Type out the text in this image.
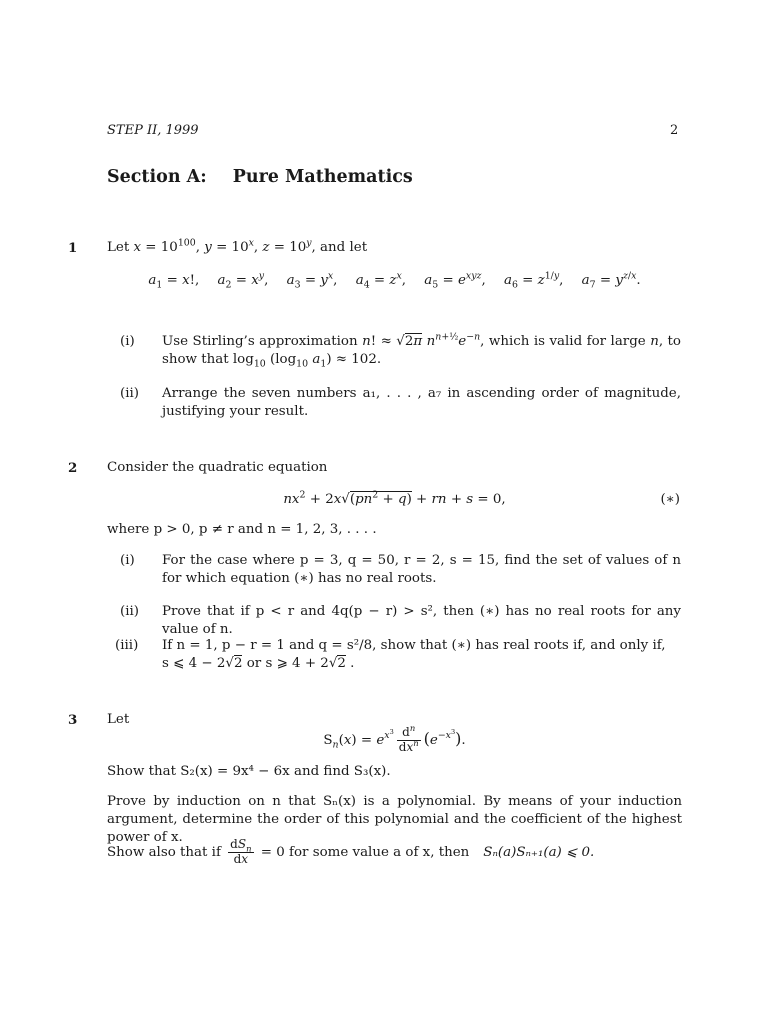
STEP II, 1999	2
Section A: Pure Mathematics
1 Let $x = 10^{100}$, $y = 10^x$, $z = 10^y$, and let
$a_1 = x$!, $a_2 = x^y$, $a_3 = y^x$, $a_4 = z^x$, $a_5 = e^{xyz}$, $a_6 = z^{1/y}$, $a_7 = y^{z/x}$.
(i)	Use Stirling’s approximation n! ≈ √2π $n^{n+\frac{1}{2}}e^{-n}$, which is valid for large n, to show that $\log_{10} (\log_{10}$ $a_1) \approx 102$.
(ii)	Arrange the seven numbers a₁, . . . , a₇ in ascending order of magnitude, justifying your result.
2 Consider the quadratic equation
$nx^2 + 2x√(pn^2 + q)$ + rn + s = 0,	(∗)
where p > 0, p ≠ r and n = 1, 2, 3, . . . .
(i)	For the case where p = 3, q = 50, r = 2, s = 15, find the set of values of n for which equation (∗) has no real roots.
(ii)	Prove that if p < r and 4q(p − r) > s², then (∗) has no real roots for any value of n.
(iii)	If n = 1, p − r = 1 and q = s²/8, show that (∗) has real roots if, and only if,
s ⩽ 4 − 2√2 or s ⩾ 4 + 2√2 .
3 Let
$S_n(x) = e^{x^3} \frac{d^n}{dx^n} (e^{-x^3})$.
Show that S₂(x) = 9x⁴ − 6x and find S₃(x).
Prove by induction on n that Sₙ(x) is a polynomial. By means of your induction argument, determine the order of this polynomial and the coefficient of the highest power of x.
Show also that if $\frac{dS_n}{dx} = 0$ for some value a of x, then Sₙ(a)Sₙ₊₁(a) ⩽ 0.
